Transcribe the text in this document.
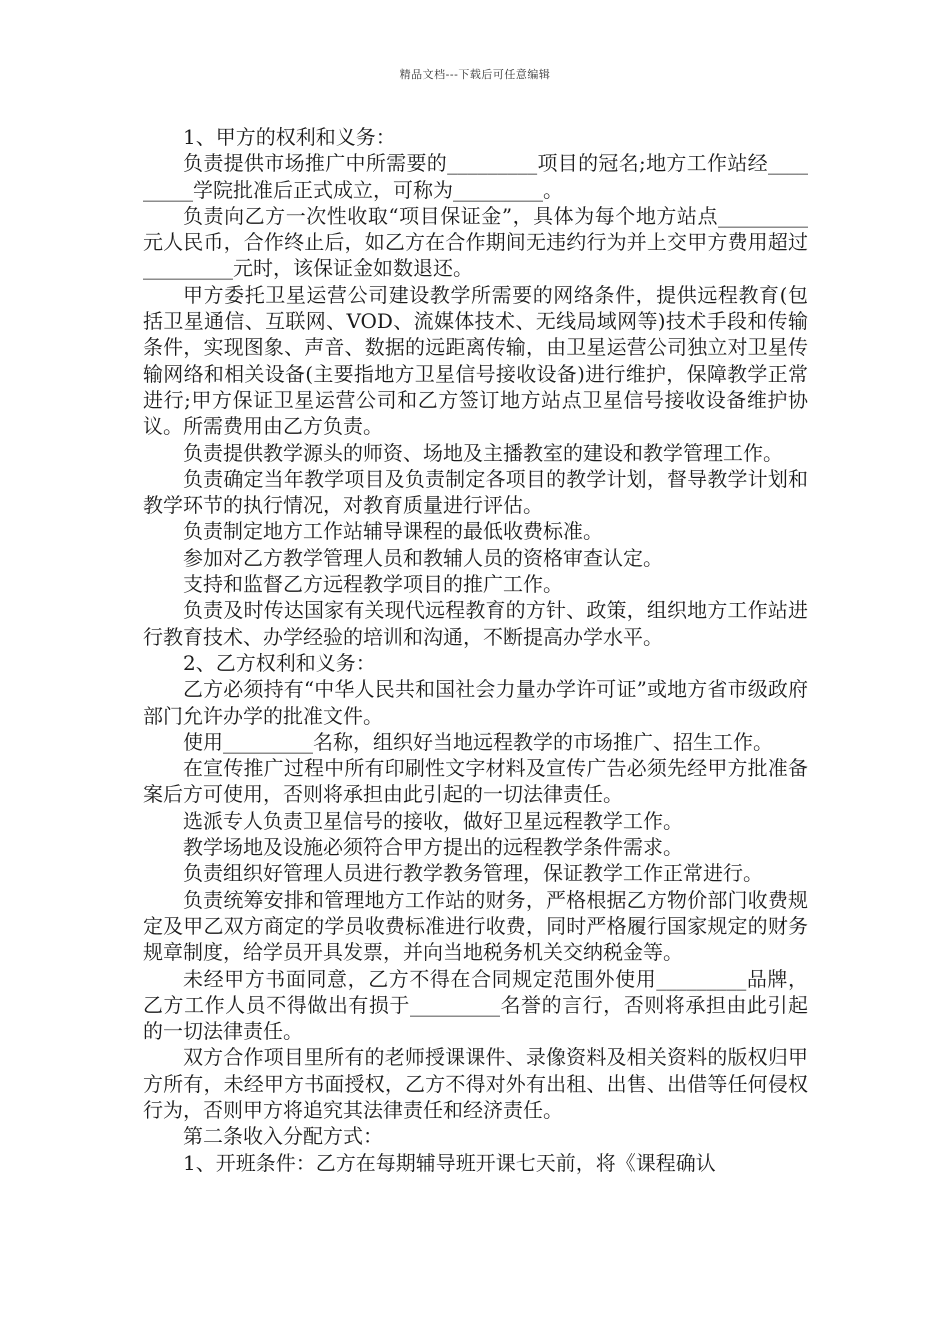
精品文档---下载后可任意编辑

1、甲方的权利和义务：

负责提供市场推广中所需要的_________项目的冠名;地方工作站经_________学院批准后正式成立，可称为_________。

负责向乙方一次性收取“项目保证金”，具体为每个地方站点_________元人民币，合作终止后，如乙方在合作期间无违约行为并上交甲方费用超过_________元时，该保证金如数退还。

甲方委托卫星运营公司建设教学所需要的网络条件，提供远程教育(包括卫星通信、互联网、VOD、流媒体技术、无线局域网等)技术手段和传输条件，实现图象、声音、数据的远距离传输，由卫星运营公司独立对卫星传输网络和相关设备(主要指地方卫星信号接收设备)进行维护，保障教学正常进行;甲方保证卫星运营公司和乙方签订地方站点卫星信号接收设备维护协议。所需费用由乙方负责。

负责提供教学源头的师资、场地及主播教室的建设和教学管理工作。

负责确定当年教学项目及负责制定各项目的教学计划，督导教学计划和教学环节的执行情况，对教育质量进行评估。

负责制定地方工作站辅导课程的最低收费标准。

参加对乙方教学管理人员和教辅人员的资格审查认定。

支持和监督乙方远程教学项目的推广工作。

负责及时传达国家有关现代远程教育的方针、政策，组织地方工作站进行教育技术、办学经验的培训和沟通，不断提高办学水平。

2、乙方权利和义务：

乙方必须持有“中华人民共和国社会力量办学许可证”或地方省市级政府部门允许办学的批准文件。

使用_________名称，组织好当地远程教学的市场推广、招生工作。

在宣传推广过程中所有印刷性文字材料及宣传广告必须先经甲方批准备案后方可使用，否则将承担由此引起的一切法律责任。

选派专人负责卫星信号的接收，做好卫星远程教学工作。

教学场地及设施必须符合甲方提出的远程教学条件需求。

负责组织好管理人员进行教学教务管理，保证教学工作正常进行。

负责统筹安排和管理地方工作站的财务，严格根据乙方物价部门收费规定及甲乙双方商定的学员收费标准进行收费，同时严格履行国家规定的财务规章制度，给学员开具发票，并向当地税务机关交纳税金等。

未经甲方书面同意，乙方不得在合同规定范围外使用_________品牌，乙方工作人员不得做出有损于_________名誉的言行，否则将承担由此引起的一切法律责任。

双方合作项目里所有的老师授课课件、录像资料及相关资料的版权归甲方所有，未经甲方书面授权，乙方不得对外有出租、出售、出借等任何侵权行为，否则甲方将追究其法律责任和经济责任。

第二条收入分配方式：

1、开班条件：乙方在每期辅导班开课七天前，将《课程确认
